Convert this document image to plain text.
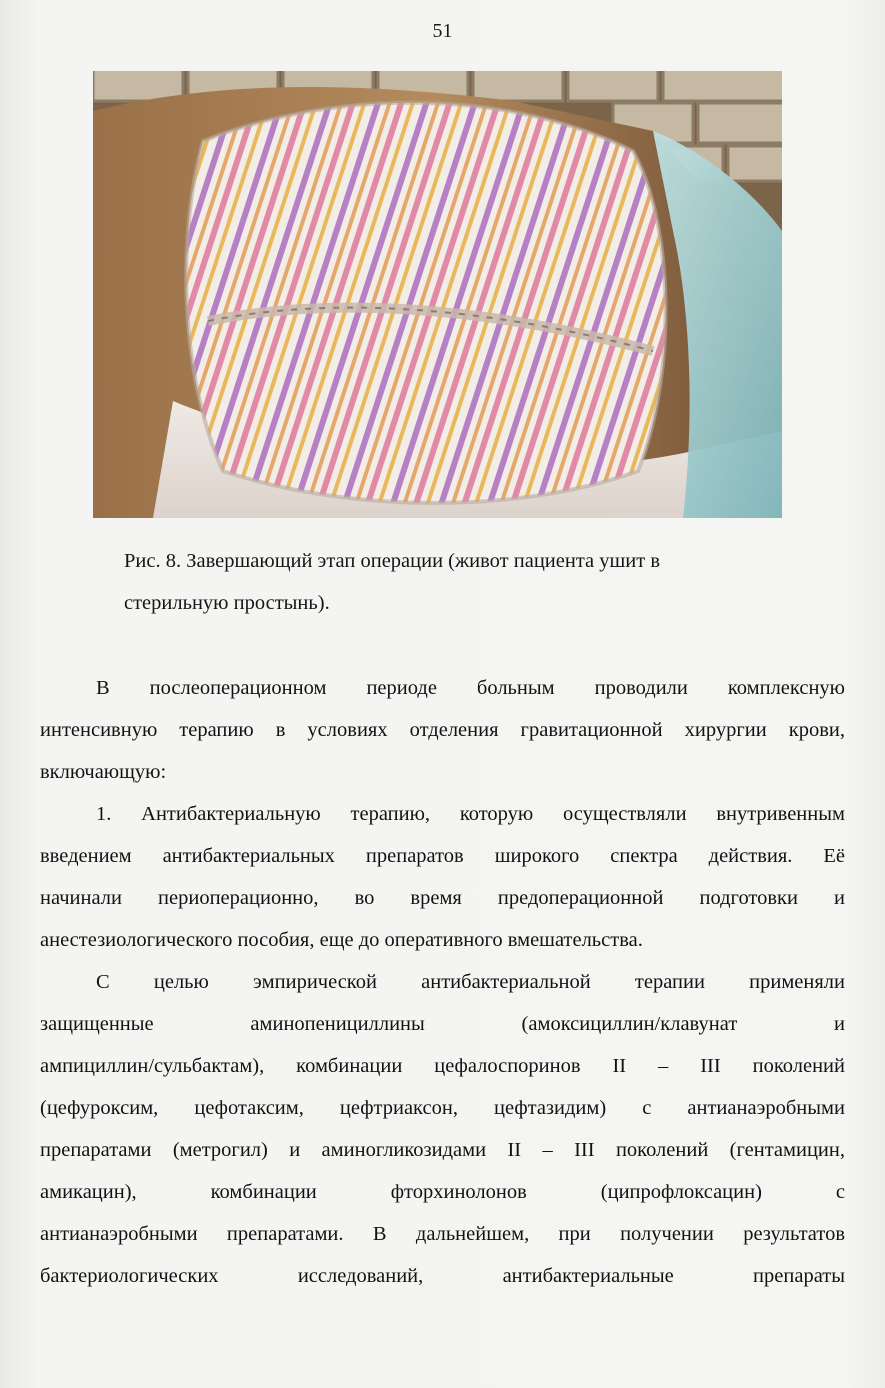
51
Рис. 8. Завершающий этап операции (живот пациента ушит в
стерильную простынь).
В послеоперационном периоде больным проводили комплексную
интенсивную терапию в условиях отделения гравитационной хирургии крови,
включающую:
1. Антибактериальную терапию, которую осуществляли внутривенным
введением антибактериальных препаратов широкого спектра действия. Её
начинали периоперационно, во время предоперационной подготовки и
анестезиологического пособия, еще до оперативного вмешательства.
С целью эмпирической антибактериальной терапии применяли
защищенные аминопенициллины (амоксициллин/клавунат и
ампициллин/сульбактам), комбинации цефалоспоринов II – III поколений
(цефуроксим, цефотаксим, цефтриаксон, цефтазидим) с антианаэробными
препаратами (метрогил) и аминогликозидами II – III поколений (гентамицин,
амикацин), комбинации фторхинолонов (ципрофлоксацин) с
антианаэробными препаратами. В дальнейшем, при получении результатов
бактериологических исследований, антибактериальные препараты
